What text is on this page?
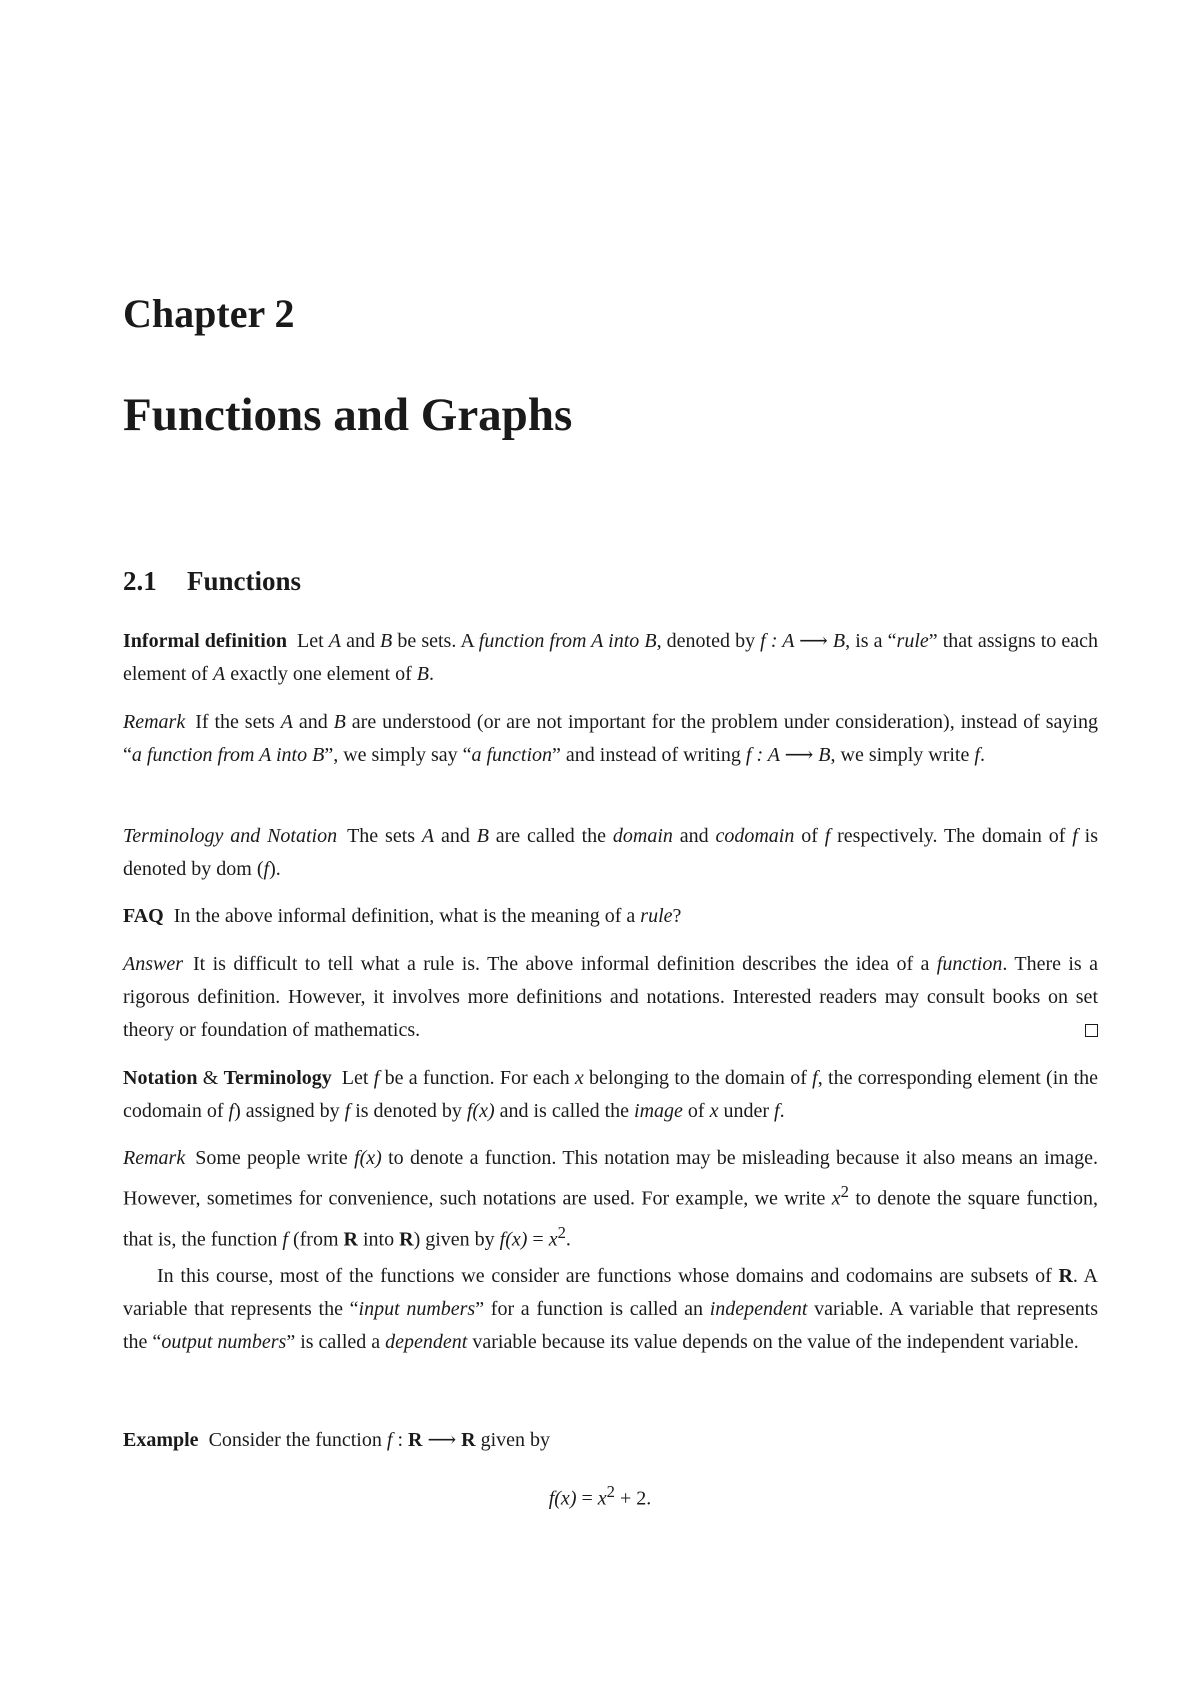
Chapter 2
Functions and Graphs
2.1 Functions
Informal definition Let A and B be sets. A function from A into B, denoted by f : A ⟶ B, is a “rule” that assigns to each element of A exactly one element of B.
Remark If the sets A and B are understood (or are not important for the problem under consideration), instead of saying “a function from A into B”, we simply say “a function” and instead of writing f : A ⟶ B, we simply write f.
Terminology and Notation The sets A and B are called the domain and codomain of f respectively. The domain of f is denoted by dom (f).
FAQ In the above informal definition, what is the meaning of a rule?
Answer It is difficult to tell what a rule is. The above informal definition describes the idea of a function. There is a rigorous definition. However, it involves more definitions and notations. Interested readers may consult books on set theory or foundation of mathematics.
Notation & Terminology Let f be a function. For each x belonging to the domain of f, the corresponding element (in the codomain of f) assigned by f is denoted by f(x) and is called the image of x under f.
Remark Some people write f(x) to denote a function. This notation may be misleading because it also means an image. However, sometimes for convenience, such notations are used. For example, we write $x^2$ to denote the square function, that is, the function f (from R into R) given by $f(x) = x^2$.
In this course, most of the functions we consider are functions whose domains and codomains are subsets of R. A variable that represents the “input numbers” for a function is called an independent variable. A variable that represents the “output numbers” is called a dependent variable because its value depends on the value of the independent variable.
Example Consider the function f : R ⟶ R given by
$f(x) = x^2 + 2$.
